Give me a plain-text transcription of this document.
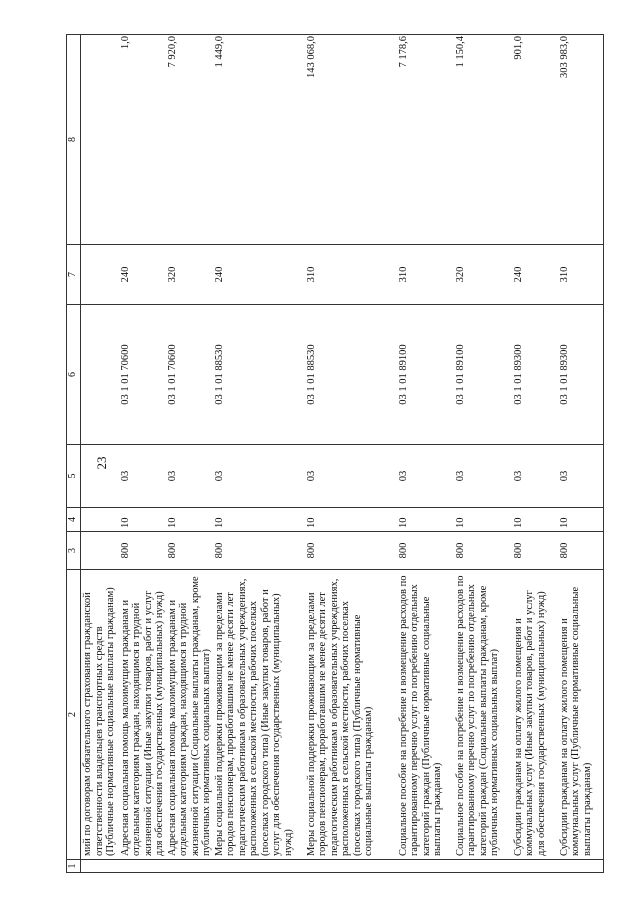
23
1	2	3	4	5	6	7	8
	мий по договорам обязательного страхования гражданской ответственности владельцев транспортных средств (Публичные нормативные социальные выплаты гражданам)						
	Адресная социальная помощь малоимущим гражданам и отдельным категориям граждан, находящимся в трудной жизненной ситуации (Иные закупки товаров, работ и услуг для обеспечения государственных (муниципальных) нужд)	800	10	03	03 1 01 70600	240	1,0
	Адресная социальная помощь малоимущим гражданам и отдельным категориям граждан, находящимся в трудной жизненной ситуации (Социальные выплаты гражданам, кроме публичных нормативных социальных выплат)	800	10	03	03 1 01 70600	320	7 920,0
	Меры социальной поддержки проживающим за пределами городов пенсионерам, проработавшим не менее десяти лет педагогическим работникам в образовательных учреждениях, расположенных в сельской местности, рабочих поселках (поселках городского типа) (Иные закупки товаров, работ и услуг для обеспечения государственных (муниципальных) нужд)	800	10	03	03 1 01 88530	240	1 449,0
	Меры социальной поддержки проживающим за пределами городов пенсионерам, проработавшим не менее десяти лет педагогическим работникам в образовательных учреждениях, расположенных в сельской местности, рабочих поселках (поселках городского типа) (Публичные нормативные социальные выплаты гражданам)	800	10	03	03 1 01 88530	310	143 068,0
	Социальное пособие на погребение и возмещение расходов по гарантированному перечню услуг по погребению отдельных категорий граждан (Публичные нормативные социальные выплаты гражданам)	800	10	03	03 1 01 89100	310	7 178,6
	Социальное пособие на погребение и возмещение расходов по гарантированному перечню услуг по погребению отдельных категорий граждан (Социальные выплаты гражданам, кроме публичных нормативных социальных выплат)	800	10	03	03 1 01 89100	320	1 150,4
	Субсидии гражданам на оплату жилого помещения и коммунальных услуг (Иные закупки товаров, работ и услуг для обеспечения государственных (муниципальных) нужд)	800	10	03	03 1 01 89300	240	901,0
	Субсидии гражданам на оплату жилого помещения и коммунальных услуг (Публичные нормативные социальные выплаты гражданам)	800	10	03	03 1 01 89300	310	303 983,0
